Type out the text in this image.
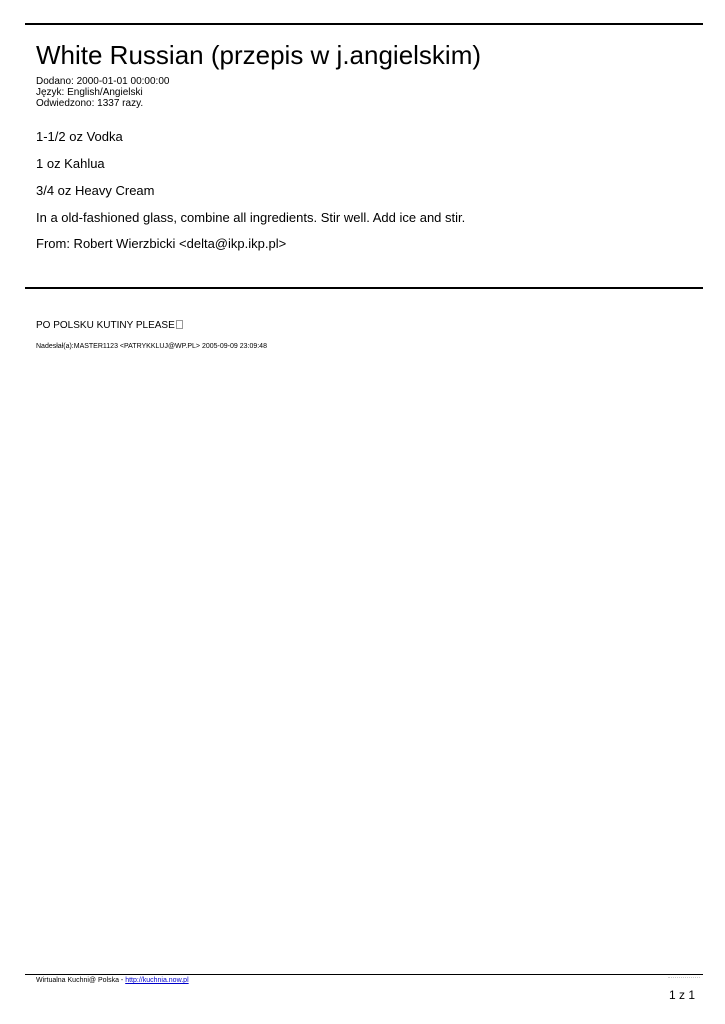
White Russian (przepis w j.angielskim)
Dodano: 2000-01-01 00:00:00
Język: English/Angielski
Odwiedzono: 1337 razy.
1-1/2 oz Vodka
1 oz Kahlua
3/4 oz Heavy Cream
In a old-fashioned glass, combine all ingredients. Stir well. Add ice and stir.
From: Robert Wierzbicki <delta@ikp.ikp.pl>
PO POLSKU KUTINY PLEASE
Nadesłał(a):MASTER1123 <PATRYKKLUJ@WP.PL> 2005-09-09 23:09:48
Wirtualna Kuchni@ Polska - http://kuchnia.now.pl
1 z 1
